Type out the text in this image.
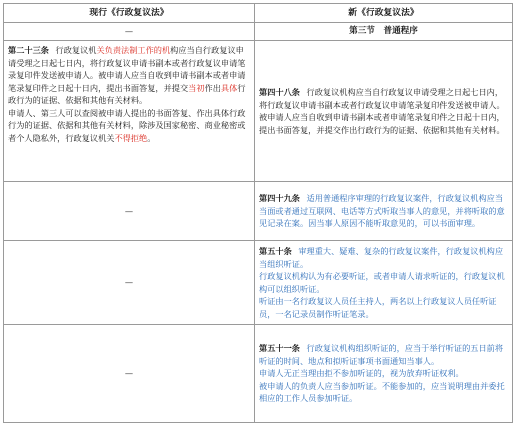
现行《行政复议法》	新《行政复议法》
—	第三节　普通程序

第二十三条 行政复议机关负责法制工作的机构应当自行政复议申请受理之日起七日内，将行政复议申请书副本或者行政复议申请笔录复印件发送被申请人。被申请人应当自收到申请书副本或者申请笔录复印件之日起十日内，提出书面答复，并提交当初作出具体行政行为的证据、依据和其他有关材料。

申请人、第三人可以查阅被申请人提出的书面答复、作出具体行政行为的证据、依据和其他有关材料，除涉及国家秘密、商业秘密或者个人隐私外，行政复议机关不得拒绝。	第四十八条 行政复议机构应当自行政复议申请受理之日起七日内，将行政复议申请书副本或者行政复议申请笔录复印件发送被申请人。被申请人应当自收到申请书副本或者申请笔录复印件之日起十日内，提出书面答复，并提交作出行政行为的证据、依据和其他有关材料。

—	第四十九条 适用普通程序审理的行政复议案件，行政复议机构应当当面或者通过互联网、电话等方式听取当事人的意见，并将听取的意见记录在案。因当事人原因不能听取意见的，可以书面审理。

—	第五十条 审理重大、疑难、复杂的行政复议案件，行政复议机构应当组织听证。

行政复议机构认为有必要听证，或者申请人请求听证的，行政复议机构可以组织听证。

听证由一名行政复议人员任主持人，两名以上行政复议人员任听证员，一名记录员制作听证笔录。

—	第五十一条 行政复议机构组织听证的，应当于举行听证的五日前将听证的时间、地点和拟听证事项书面通知当事人。

申请人无正当理由拒不参加听证的，视为放弃听证权利。

被申请人的负责人应当参加听证。不能参加的，应当说明理由并委托相应的工作人员参加听证。
